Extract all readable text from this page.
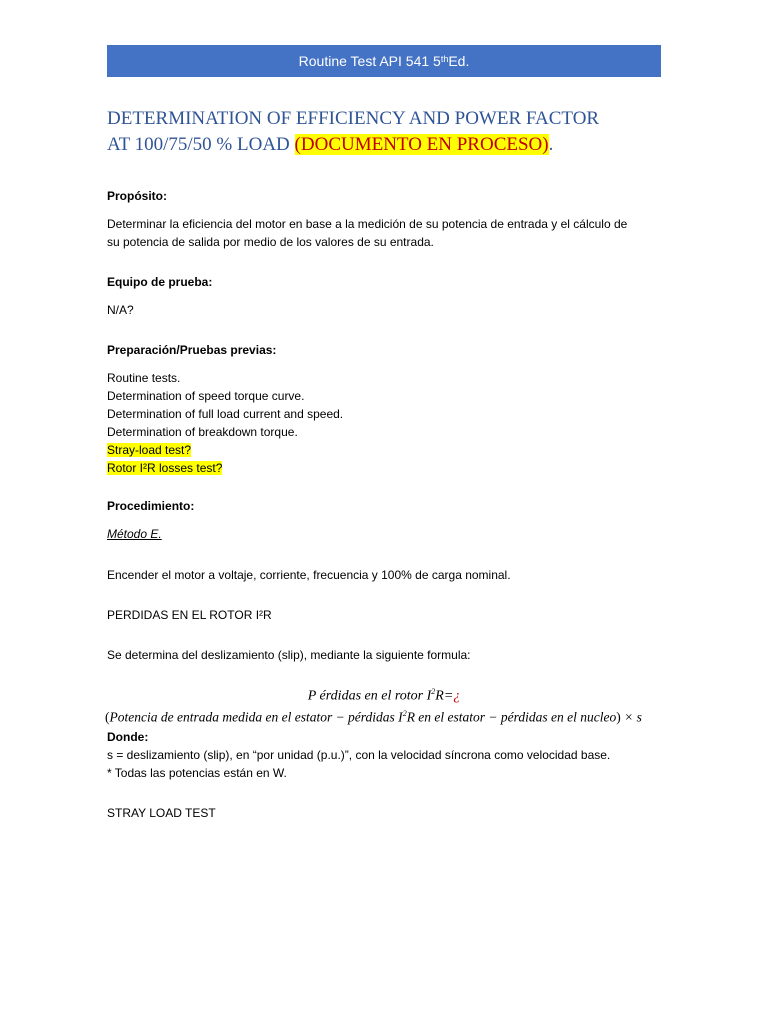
Routine Test API 541 5th Ed.
DETERMINATION OF EFFICIENCY AND POWER FACTOR
AT 100/75/50 % LOAD (DOCUMENTO EN PROCESO).
Propósito:
Determinar la eficiencia del motor en base a la medición de su potencia de entrada y el cálculo de
su potencia de salida por medio de los valores de su entrada.
Equipo de prueba:
N/A?
Preparación/Pruebas previas:
Routine tests.
Determination of speed torque curve.
Determination of full load current and speed.
Determination of breakdown torque.
Stray-load test?
Rotor I²R losses test?
Procedimiento:
Método E.
Encender el motor a voltaje, corriente, frecuencia y 100% de carga nominal.
PERDIDAS EN EL ROTOR I²R
Se determina del deslizamiento (slip), mediante la siguiente formula:
P érdidas en el rotor $I^2R=¿$
(Potencia de entrada medida en el estator − pérdidas $I^2R$ en el estator − pérdidas en el nucleo) × s
Donde:
s = deslizamiento (slip), en “por unidad (p.u.)”, con la velocidad síncrona como velocidad base.
* Todas las potencias están en W.
STRAY LOAD TEST
